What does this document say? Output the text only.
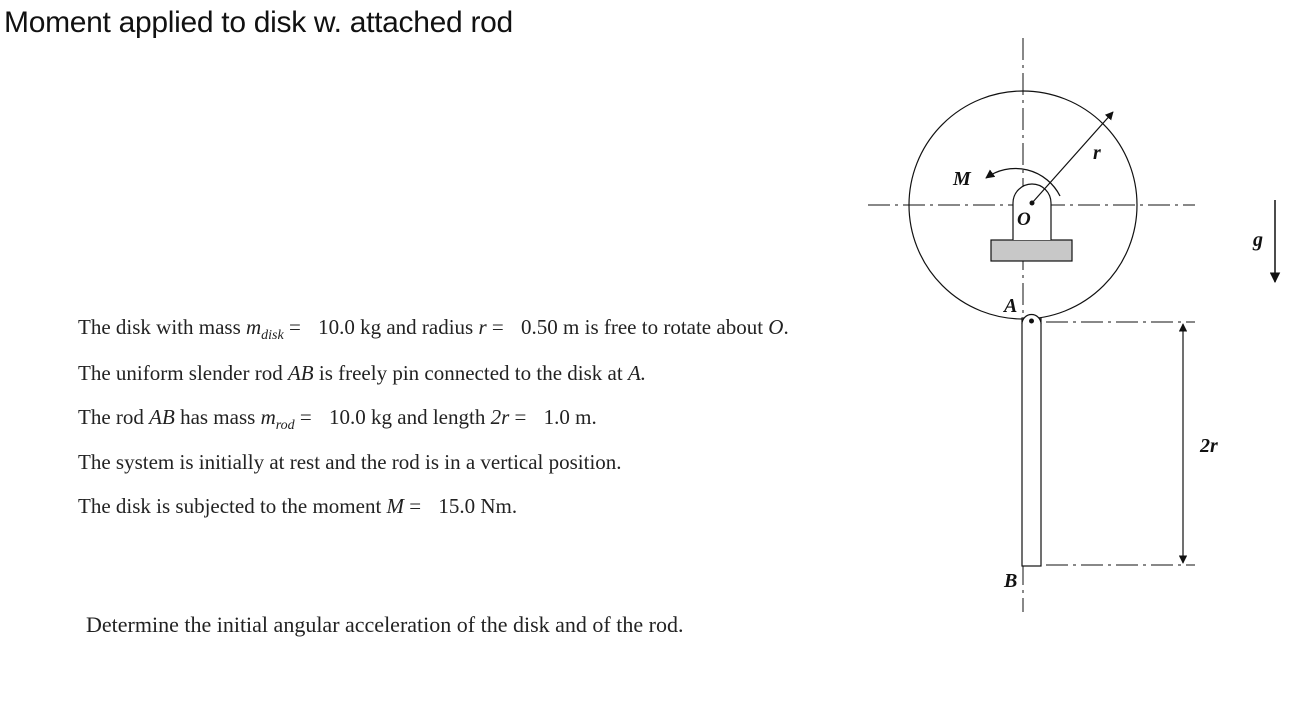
Moment applied to disk w. attached rod
The disk with mass $m_{disk} = 10.0$ kg and radius r = 0.50 m is free to rotate about O.
The uniform slender rod AB is freely pin connected to the disk at A.
The rod AB has mass $m_{rod} = 10.0$ kg and length 2r = 1.0 m.
The system is initially at rest and the rod is in a vertical position.
The disk is subjected to the moment M = 15.0 Nm.
Determine the initial angular acceleration of the disk and of the rod.
M
r
O
A
B
2r
g
